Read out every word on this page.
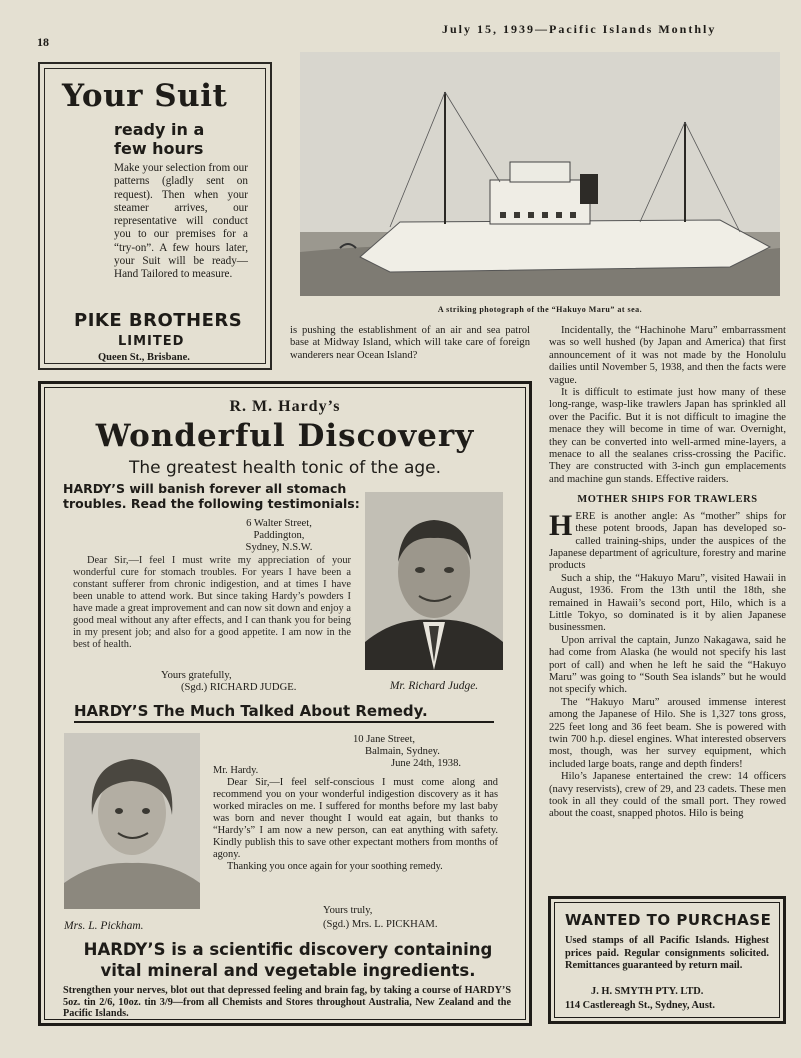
18
July 15, 1939—Pacific Islands Monthly
Your Suit
ready in a
few hours
Make your selection from our patterns (gladly sent on request). Then when your steamer arrives, our representative will conduct you to our premises for a “try-on”. A few hours later, your Suit will be ready—Hand Tailored to measure.
PIKE BROTHERS
LIMITED
Queen St., Brisbane.
A striking photograph of the “Hakuyo Maru” at sea.

is pushing the establishment of an air and sea patrol base at Midway Island, which will take care of foreign wanderers near Ocean Island?

Incidentally, the “Hachinohe Maru” embarrassment was so well hushed (by Japan and America) that first announcement of it was not made by the Honolulu dailies until November 5, 1938, and then the facts were vague.

It is difficult to estimate just how many of these long-range, wasp-like trawlers Japan has sprinkled all over the Pacific. But it is not difficult to imagine the menace they will become in time of war. Overnight, they can be converted into well-armed mine-layers, a menace to all the sealanes criss-crossing the Pacific. They are constructed with 3-inch gun emplacements and machine gun stands. Effective raiders.

MOTHER SHIPS FOR TRAWLERS

HERE is another angle: As “mother” ships for these potent broods, Japan has developed so-called training-ships, under the auspices of the Japanese department of agriculture, forestry and marine products

Such a ship, the “Hakuyo Maru”, visited Hawaii in August, 1936. From the 13th until the 18th, she remained in Hawaii’s second port, Hilo, which is a Little Tokyo, so dominated is it by alien Japanese businessmen.

Upon arrival the captain, Junzo Nakagawa, said he had come from Alaska (he would not specify his last port of call) and when he left he said the “Hakuyo Maru” was going to “South Sea islands” but he would not specify which.

The “Hakuyo Maru” aroused immense interest among the Japanese of Hilo. She is 1,327 tons gross, 225 feet long and 36 feet beam. She is powered with twin 700 h.p. diesel engines. What interested observers most, though, was her survey equipment, which included large boats, range and depth finders!

Hilo’s Japanese entertained the crew: 14 officers (navy reservists), crew of 29, and 23 cadets. These men took in all they could of the small port. They rowed about the coast, snapped photos. Hilo is being

R. M. Hardy’s
Wonderful Discovery
The greatest health tonic of the age.
HARDY’S will banish forever all stomach troubles. Read the following testimonials:
6 Walter Street,
Paddington,
Sydney, N.S.W.

Dear Sir,—I feel I must write my appreciation of your wonderful cure for stomach troubles. For years I have been a constant sufferer from chronic indigestion, and at times I have been unable to attend work. But since taking Hardy’s powders I have made a great improvement and can now sit down and enjoy a good meal without any after effects, and I can thank you for being in my present job; and also for a good appetite. I am now in the best of health.

Yours gratefully,
(Sgd.) RICHARD JUDGE.	Mr. Richard Judge.
HARDY’S The Much Talked About Remedy.
Mrs. L. Pickham.
10 Jane Street,
Balmain, Sydney.
June 24th, 1938.

Mr. Hardy.

Dear Sir,—I feel self-conscious I must come along and recommend you on your wonderful indigestion discovery as it has worked miracles on me. I suffered for months before my last baby was born and never thought I would eat again, but thanks to “Hardy’s” I am now a new person, can eat anything with safety. Kindly publish this to save other expectant mothers from months of agony.

Thanking you once again for your soothing remedy.

Yours truly,
(Sgd.) Mrs. L. PICKHAM.
HARDY’S is a scientific discovery containing vital mineral and vegetable ingredients.
Strengthen your nerves, blot out that depressed feeling and brain fag, by taking a course of HARDY’S 5oz. tin 2/6, 10oz. tin 3/9—from all Chemists and Stores throughout Australia, New Zealand and the Pacific Islands.
WANTED TO PURCHASE
Used stamps of all Pacific Islands. Highest prices paid. Regular consignments solicited. Remittances guaranteed by return mail.
J. H. SMYTH PTY. LTD.
114 Castlereagh St., Sydney, Aust.
